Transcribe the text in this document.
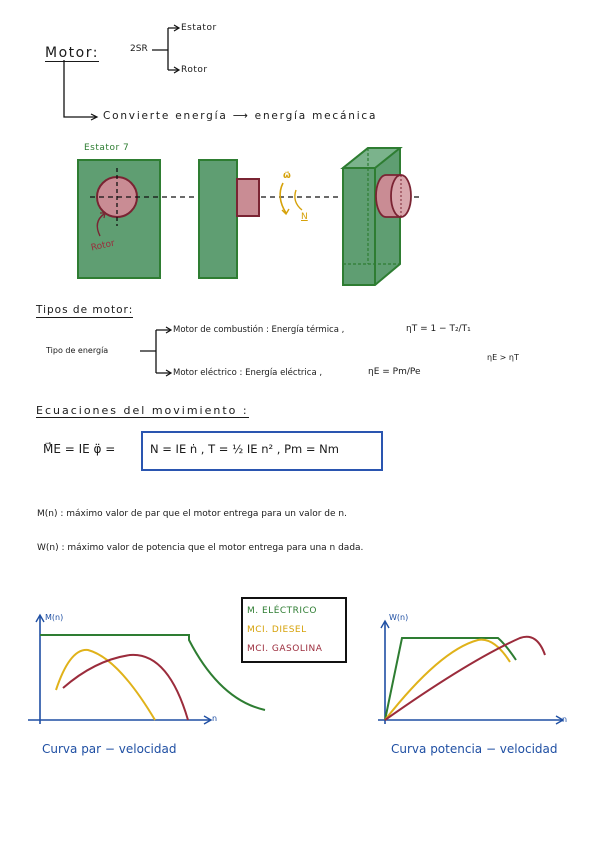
Motor:	2SR
Estator
Rotor
Convierte energía ⟶ energía mecánica
Estator 7
Rotor
ω⃗
N
Tipos de motor:
Tipo de energía
Motor de combustión : Energía térmica ,	ηT = 1 − T₂/T₁
Motor eléctrico : Energía eléctrica ,	ηE = Pm/Pe
ηE > ηT
Ecuaciones del movimiento :
M⃗E = IE φ̈ =	N = IE ṅ , T = ½ IE n² , Pm = Nm
M(n) : máximo valor de par que el motor entrega para un valor de n.
W(n) : máximo valor de potencia que el motor entrega para una n dada.
M. ELÉCTRICO
MCI. DIESEL
MCI. GASOLINA
M(n)
n
Curva par − velocidad
W(n)
n
Curva potencia − velocidad
